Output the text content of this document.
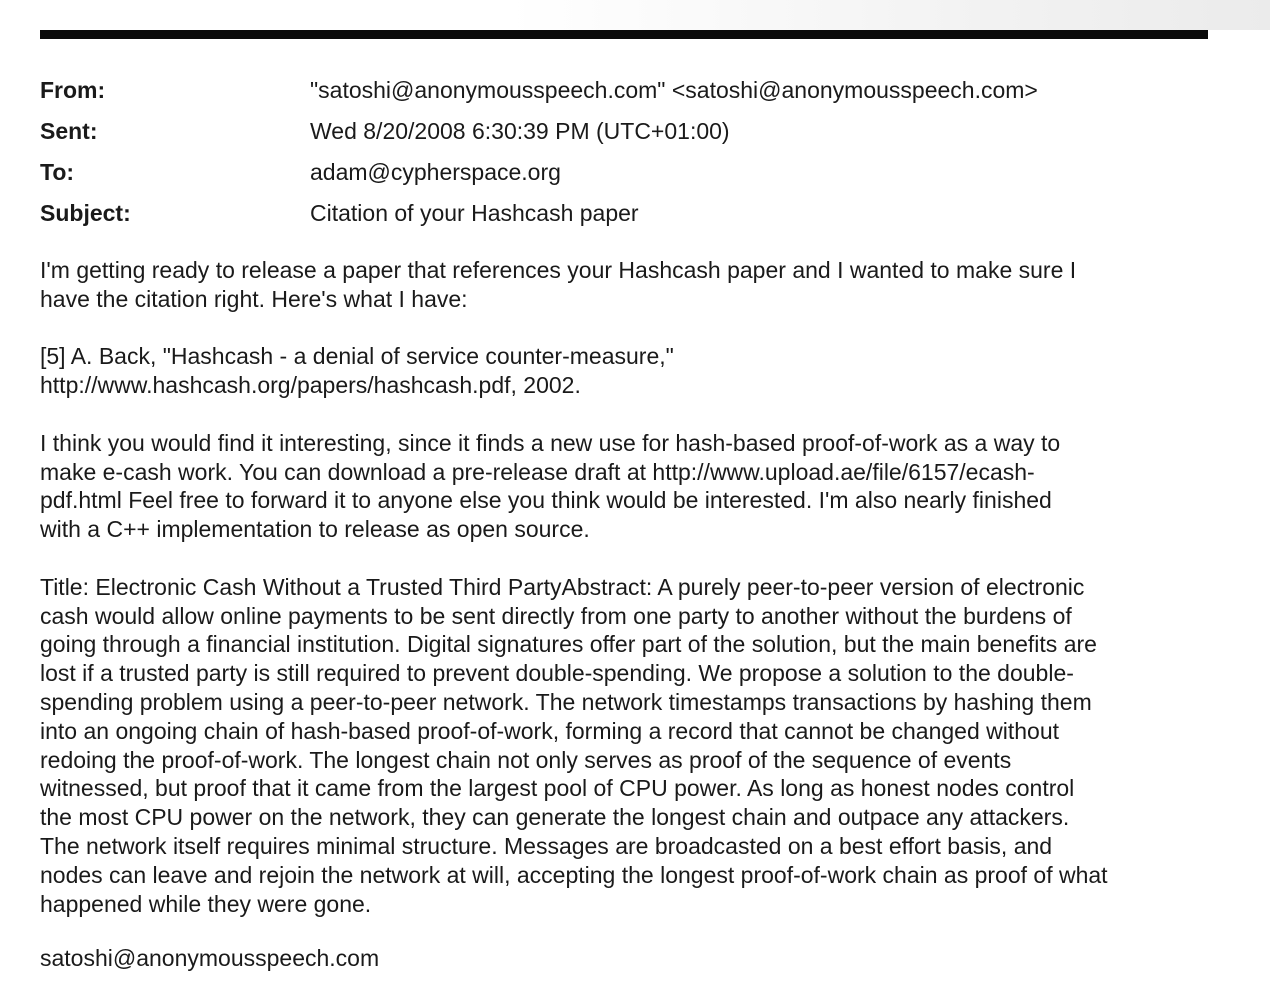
From:	"satoshi@anonymousspeech.com" <satoshi@anonymousspeech.com>
Sent:	Wed 8/20/2008 6:30:39 PM (UTC+01:00)
To:	adam@cypherspace.org
Subject:	Citation of your Hashcash paper

I'm getting ready to release a paper that references your Hashcash paper and I wanted to make sure I
have the citation right. Here's what I have:

[5] A. Back, "Hashcash - a denial of service counter-measure,"
http://www.hashcash.org/papers/hashcash.pdf, 2002.

I think you would find it interesting, since it finds a new use for hash-based proof-of-work as a way to
make e-cash work. You can download a pre-release draft at http://www.upload.ae/file/6157/ecash-
pdf.html Feel free to forward it to anyone else you think would be interested. I'm also nearly finished
with a C++ implementation to release as open source.

Title: Electronic Cash Without a Trusted Third PartyAbstract: A purely peer-to-peer version of electronic
cash would allow online payments to be sent directly from one party to another without the burdens of
going through a financial institution. Digital signatures offer part of the solution, but the main benefits are
lost if a trusted party is still required to prevent double-spending. We propose a solution to the double-
spending problem using a peer-to-peer network. The network timestamps transactions by hashing them
into an ongoing chain of hash-based proof-of-work, forming a record that cannot be changed without
redoing the proof-of-work. The longest chain not only serves as proof of the sequence of events
witnessed, but proof that it came from the largest pool of CPU power. As long as honest nodes control
the most CPU power on the network, they can generate the longest chain and outpace any attackers.
The network itself requires minimal structure. Messages are broadcasted on a best effort basis, and
nodes can leave and rejoin the network at will, accepting the longest proof-of-work chain as proof of what
happened while they were gone.

satoshi@anonymousspeech.com
